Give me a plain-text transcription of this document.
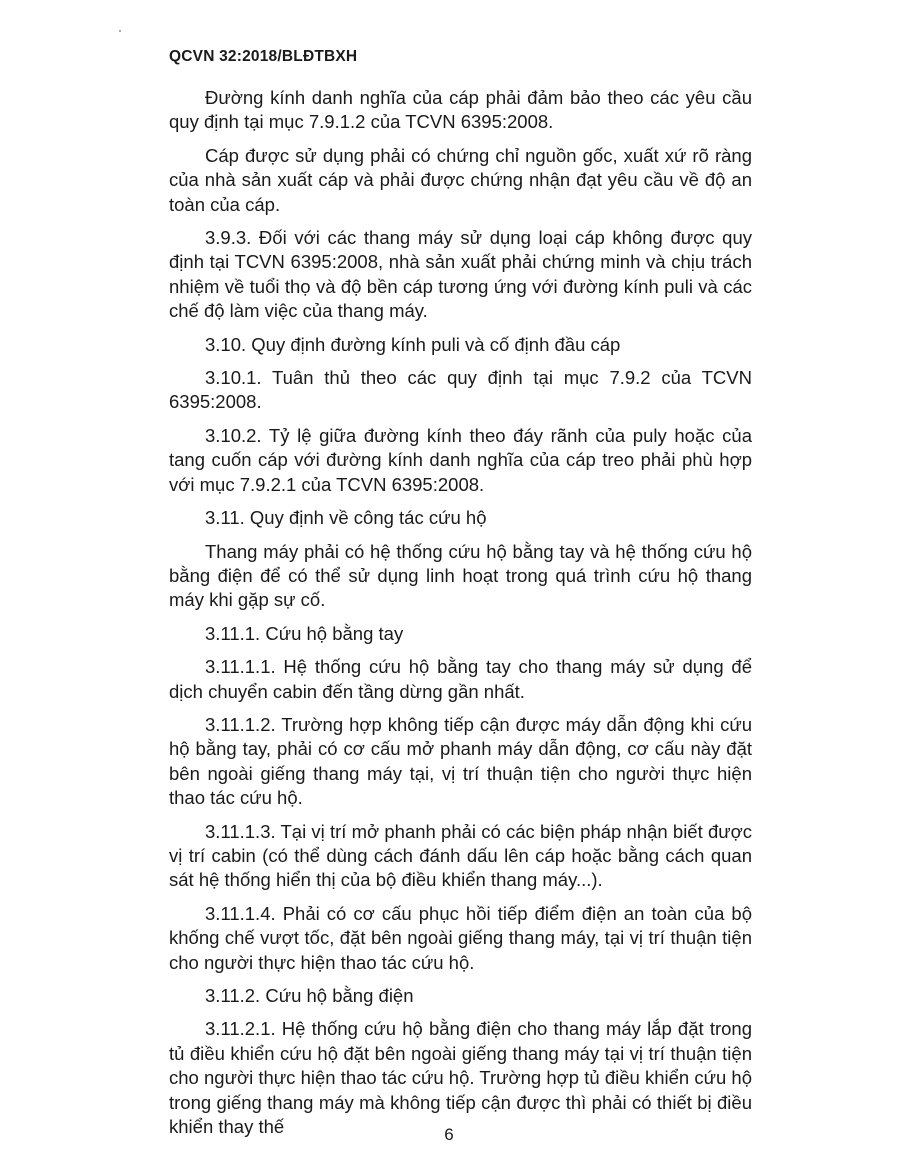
QCVN 32:2018/BLĐTBXH

Đường kính danh nghĩa của cáp phải đảm bảo theo các yêu cầu quy định tại mục 7.9.1.2 của TCVN 6395:2008.

Cáp được sử dụng phải có chứng chỉ nguồn gốc, xuất xứ rõ ràng của nhà sản xuất cáp và phải được chứng nhận đạt yêu cầu về độ an toàn của cáp.

3.9.3. Đối với các thang máy sử dụng loại cáp không được quy định tại TCVN 6395:2008, nhà sản xuất phải chứng minh và chịu trách nhiệm về tuổi thọ và độ bền cáp tương ứng với đường kính puli và các chế độ làm việc của thang máy.

3.10. Quy định đường kính puli và cố định đầu cáp

3.10.1. Tuân thủ theo các quy định tại mục 7.9.2 của TCVN 6395:2008.

3.10.2. Tỷ lệ giữa đường kính theo đáy rãnh của puly hoặc của tang cuốn cáp với đường kính danh nghĩa của cáp treo phải phù hợp với mục 7.9.2.1 của TCVN 6395:2008.

3.11. Quy định về công tác cứu hộ

Thang máy phải có hệ thống cứu hộ bằng tay và hệ thống cứu hộ bằng điện để có thể sử dụng linh hoạt trong quá trình cứu hộ thang máy khi gặp sự cố.

3.11.1. Cứu hộ bằng tay

3.11.1.1. Hệ thống cứu hộ bằng tay cho thang máy sử dụng để dịch chuyển cabin đến tầng dừng gần nhất.

3.11.1.2. Trường hợp không tiếp cận được máy dẫn động khi cứu hộ bằng tay, phải có cơ cấu mở phanh máy dẫn động, cơ cấu này đặt bên ngoài giếng thang máy tại, vị trí thuận tiện cho người thực hiện thao tác cứu hộ.

3.11.1.3. Tại vị trí mở phanh phải có các biện pháp nhận biết được vị trí cabin (có thể dùng cách đánh dấu lên cáp hoặc bằng cách quan sát hệ thống hiển thị của bộ điều khiển thang máy...).

3.11.1.4. Phải có cơ cấu phục hồi tiếp điểm điện an toàn của bộ khống chế vượt tốc, đặt bên ngoài giếng thang máy, tại vị trí thuận tiện cho người thực hiện thao tác cứu hộ.

3.11.2. Cứu hộ bằng điện

3.11.2.1. Hệ thống cứu hộ bằng điện cho thang máy lắp đặt trong tủ điều khiển cứu hộ đặt bên ngoài giếng thang máy tại vị trí thuận tiện cho người thực hiện thao tác cứu hộ. Trường hợp tủ điều khiển cứu hộ trong giếng thang máy mà không tiếp cận được thì phải có thiết bị điều khiển thay thế	6
